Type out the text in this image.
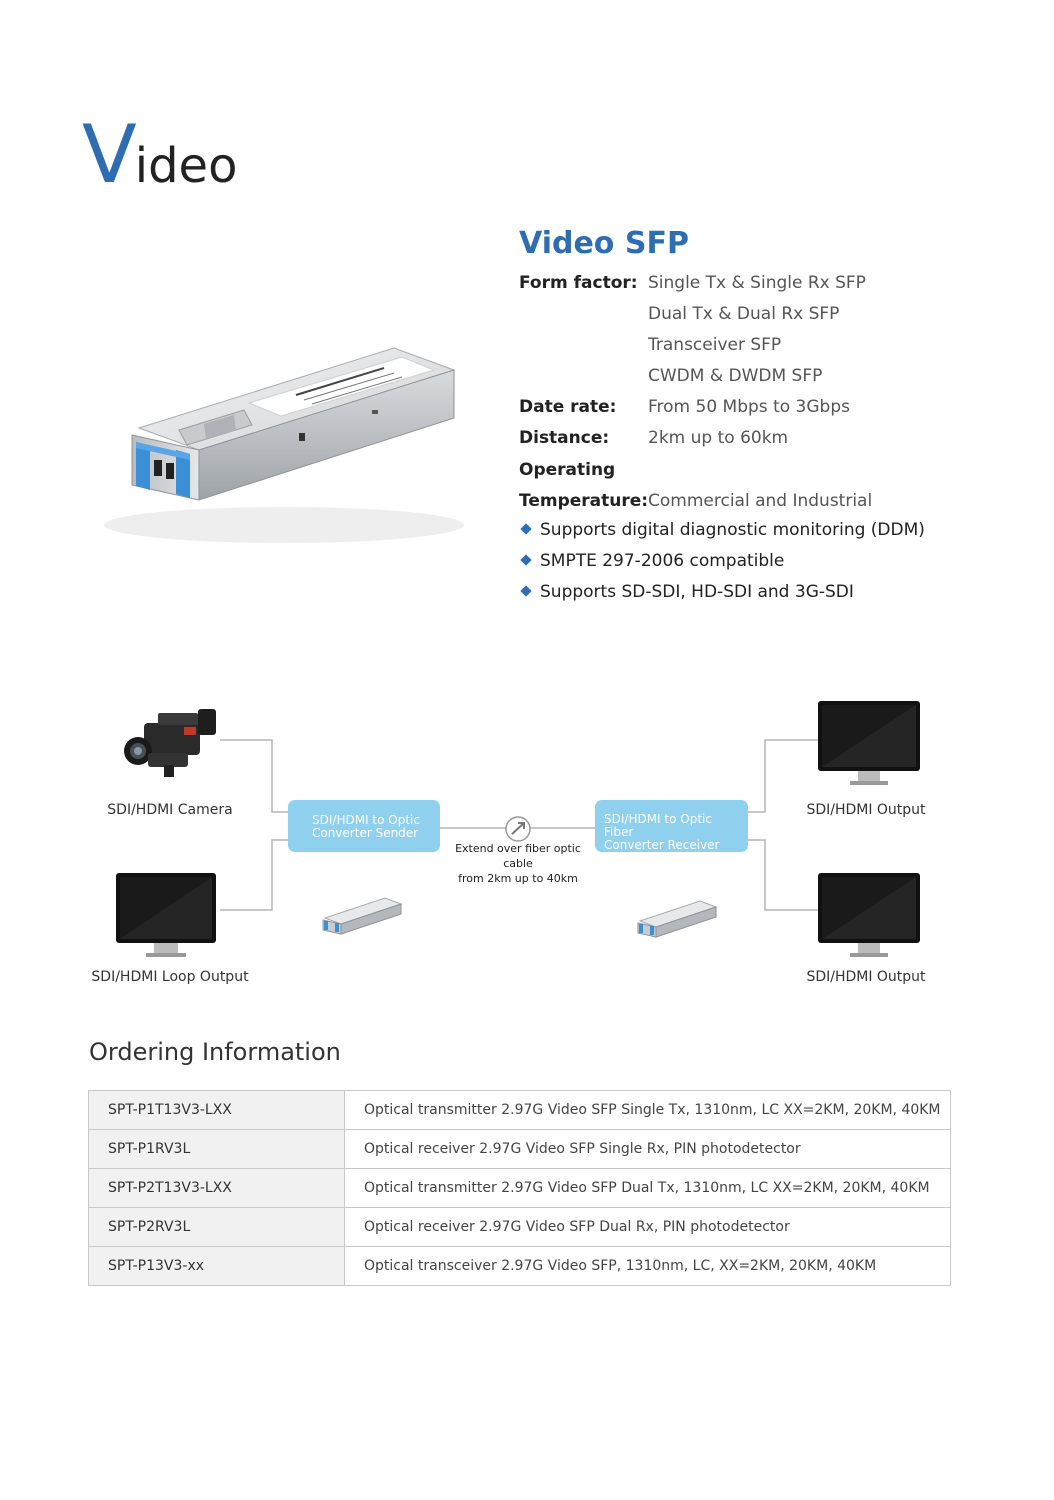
Video
Video SFP
Form factor: Single Tx & Single Rx SFP
Dual Tx & Dual Rx SFP
Transceiver SFP
CWDM & DWDM SFP
Date rate: From 50 Mbps to 3Gbps
Distance: 2km up to 60km
Operating
Temperature:Commercial and Industrial
Supports digital diagnostic monitoring (DDM)
SMPTE 297-2006 compatible
Supports SD-SDI, HD-SDI and 3G-SDI
SDI/HDMI Camera
SDI/HDMI Loop Output
SDI/HDMI to Optic
Converter Sender
Extend over fiber optic cable
from 2km up to 40km
SDI/HDMI to Optic Fiber
Converter Receiver
SDI/HDMI Output
SDI/HDMI Output
Ordering Information
SPT-P1T13V3-LXX	Optical transmitter 2.97G Video SFP Single Tx, 1310nm, LC XX=2KM, 20KM, 40KM
SPT-P1RV3L	Optical receiver 2.97G Video SFP Single Rx, PIN photodetector
SPT-P2T13V3-LXX	Optical transmitter 2.97G Video SFP Dual Tx, 1310nm, LC XX=2KM, 20KM, 40KM
SPT-P2RV3L	Optical receiver 2.97G Video SFP Dual Rx, PIN photodetector
SPT-P13V3-xx	Optical transceiver 2.97G Video SFP, 1310nm, LC, XX=2KM, 20KM, 40KM
